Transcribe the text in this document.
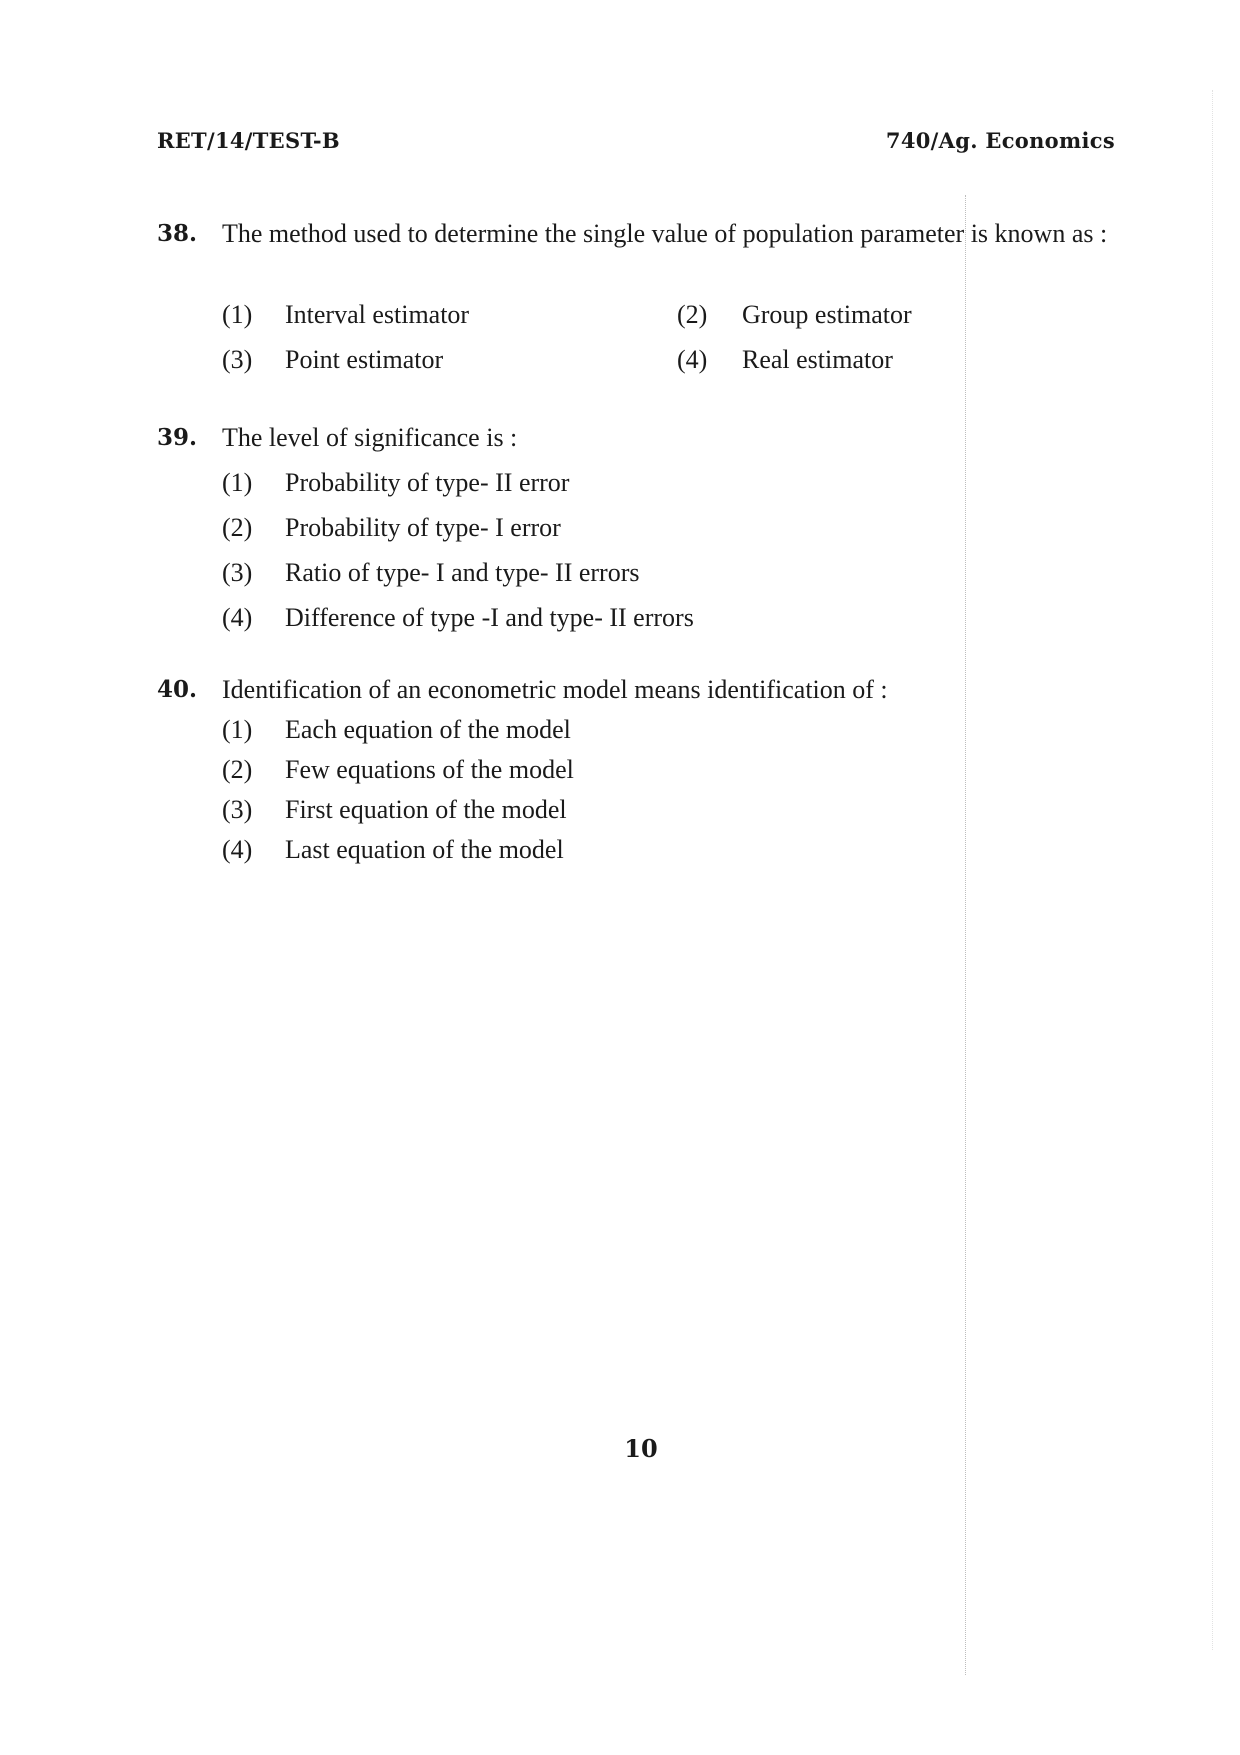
RET/14/TEST-B	740/Ag. Economics
38. The method used to determine the single value of population parameter is known as :
(1) Interval estimator	(2) Group estimator
(3) Point estimator	(4) Real estimator
39. The level of significance is :
(1) Probability of type- II error
(2) Probability of type- I error
(3) Ratio of type- I and type- II errors
(4) Difference of type -I and type- II errors
40. Identification of an econometric model means identification of :
(1) Each equation of the model
(2) Few equations of the model
(3) First equation of the model
(4) Last equation of the model
10
